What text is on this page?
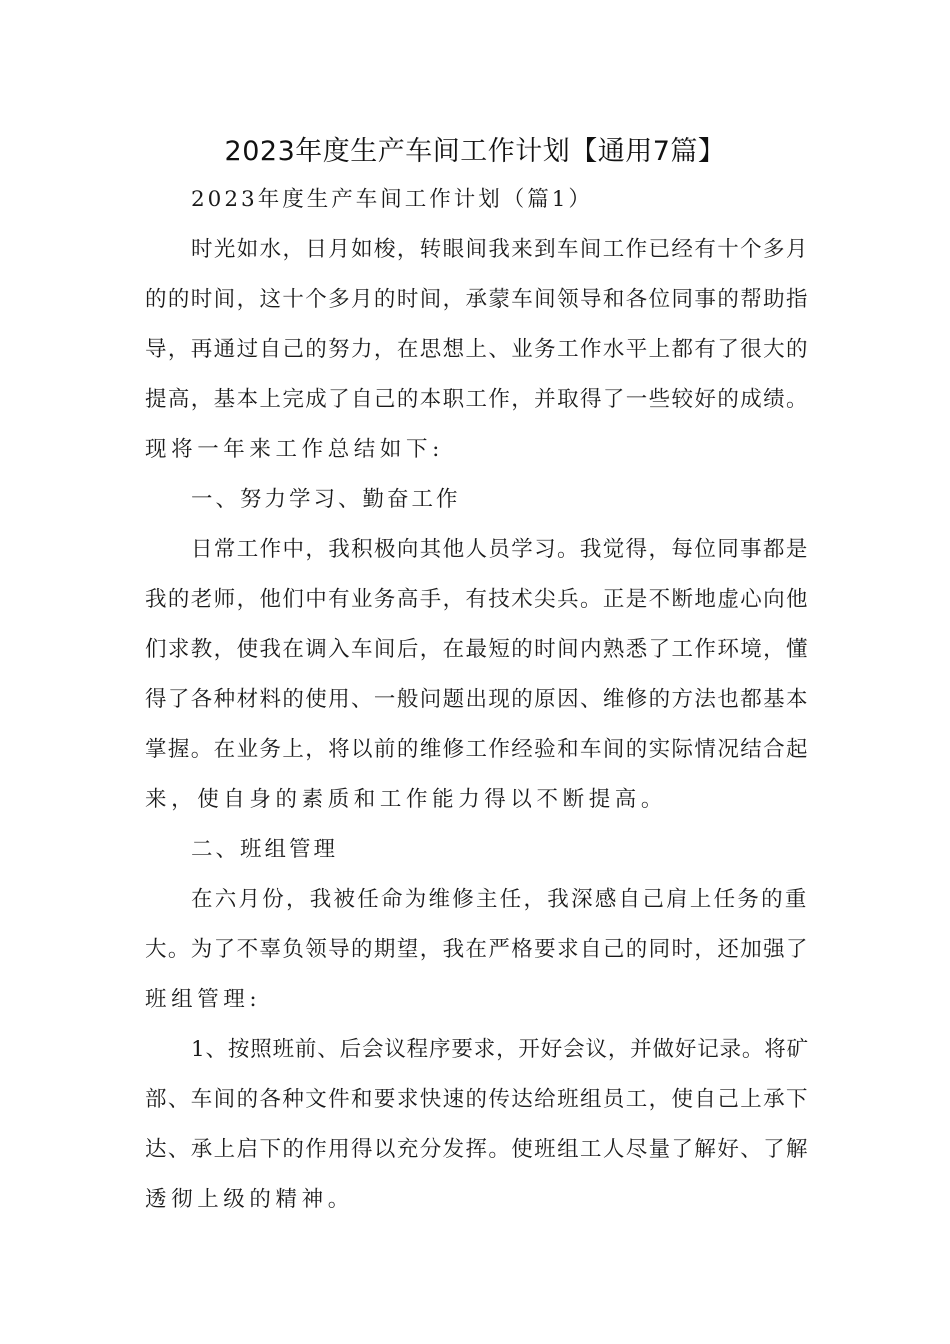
2023年度生产车间工作计划【通用7篇】
2023年度生产车间工作计划（篇1）
时光如水，日月如梭，转眼间我来到车间工作已经有十个多月
的的时间，这十个多月的时间，承蒙车间领导和各位同事的帮助指
导，再通过自己的努力，在思想上、业务工作水平上都有了很大的
提高，基本上完成了自己的本职工作，并取得了一些较好的成绩。
现将一年来工作总结如下:
一、努力学习、勤奋工作
日常工作中，我积极向其他人员学习。我觉得，每位同事都是
我的老师，他们中有业务高手，有技术尖兵。正是不断地虚心向他
们求教，使我在调入车间后，在最短的时间内熟悉了工作环境，懂
得了各种材料的使用、一般问题出现的原因、维修的方法也都基本
掌握。在业务上，将以前的维修工作经验和车间的实际情况结合起
来，使自身的素质和工作能力得以不断提高。
二、班组管理
在六月份，我被任命为维修主任，我深感自己肩上任务的重
大。为了不辜负领导的期望，我在严格要求自己的同时，还加强了
班组管理:
1、按照班前、后会议程序要求，开好会议，并做好记录。将矿
部、车间的各种文件和要求快速的传达给班组员工，使自己上承下
达、承上启下的作用得以充分发挥。使班组工人尽量了解好、了解
透彻上级的精神。
